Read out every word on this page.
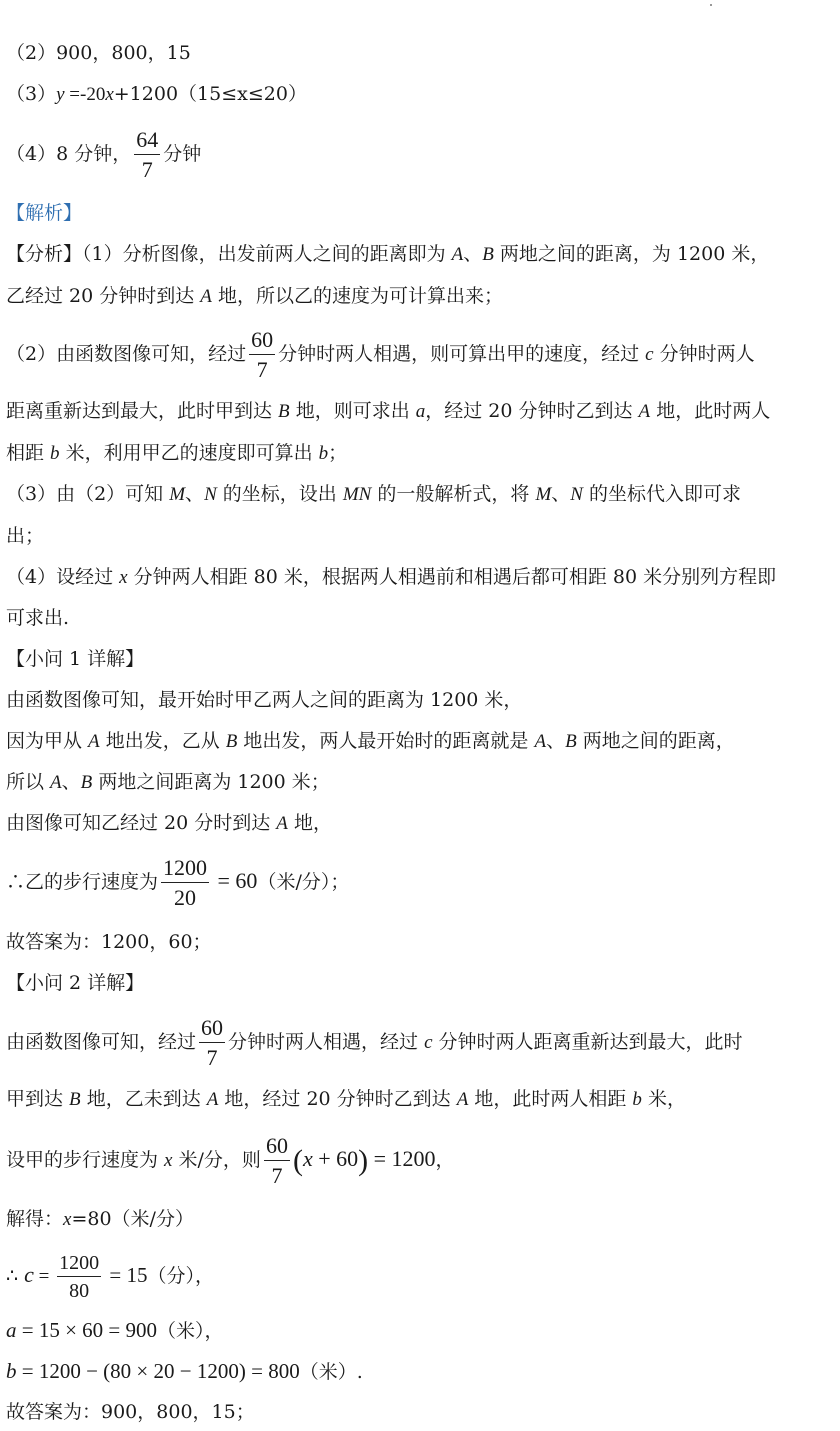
（2）900，800，15
（3）y =-20x+1200（15≤x≤20）
（4）8 分钟， $\frac{64}{7}$ 分钟
【解析】
【分析】（1）分析图像，出发前两人之间的距离即为 A、B 两地之间的距离，为 1200 米，
乙经过 20 分钟时到达 A 地，所以乙的速度为可计算出来；
（2）由函数图像可知，经过 $\frac{60}{7}$ 分钟时两人相遇，则可算出甲的速度，经过 c 分钟时两人
距离重新达到最大，此时甲到达 B 地，则可求出 a，经过 20 分钟时乙到达 A 地，此时两人
相距 b 米，利用甲乙的速度即可算出 b；
（3）由（2）可知 M、N 的坐标，设出 MN 的一般解析式，将 M、N 的坐标代入即可求
出；
（4）设经过 x 分钟两人相距 80 米，根据两人相遇前和相遇后都可相距 80 米分别列方程即
可求出.
【小问 1 详解】
由函数图像可知，最开始时甲乙两人之间的距离为 1200 米，
因为甲从 A 地出发，乙从 B 地出发，两人最开始时的距离就是 A、B 两地之间的距离，
所以 A、B 两地之间距离为 1200 米；
由图像可知乙经过 20 分时到达 A 地，
∴乙的步行速度为 $\frac{1200}{20} = 60$（米/分）；
故答案为：1200，60；
【小问 2 详解】
由函数图像可知，经过 $\frac{60}{7}$ 分钟时两人相遇，经过 c 分钟时两人距离重新达到最大，此时
甲到达 B 地，乙未到达 A 地，经过 20 分钟时乙到达 A 地，此时两人相距 b 米，
设甲的步行速度为 x 米/分，则 $\frac{60}{7} (x + 60) = 1200$，
解得：x=80（米/分）
∴ $c = \frac{1200}{80} = 15$（分），
a = 15 × 60 = 900（米），
b = 1200 − (80 × 20 − 1200) = 800（米）.
故答案为：900，800，15；
